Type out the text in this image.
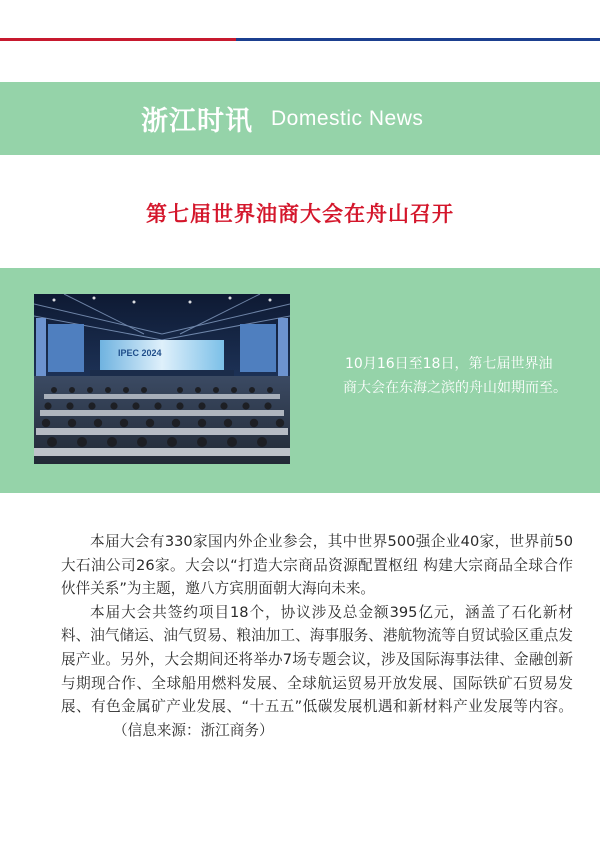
浙江时讯 Domestic News
第七届世界油商大会在舟山召开
IPEC 2024
10月16日至18日，第七届世界油
商大会在东海之滨的舟山如期而至。

本届大会有330家国内外企业参会，其中世界500强企业40家，世界前50大石油公司26家。大会以“打造大宗商品资源配置枢纽 构建大宗商品全球合作伙伴关系”为主题，邀八方宾朋面朝大海向未来。

本届大会共签约项目18个，协议涉及总金额395亿元，涵盖了石化新材料、油气储运、油气贸易、粮油加工、海事服务、港航物流等自贸试验区重点发展产业。另外，大会期间还将举办7场专题会议，涉及国际海事法律、金融创新与期现合作、全球船用燃料发展、全球航运贸易开放发展、国际铁矿石贸易发展、有色金属矿产业发展、“十五五”低碳发展机遇和新材料产业发展等内容。（信息来源：浙江商务）
